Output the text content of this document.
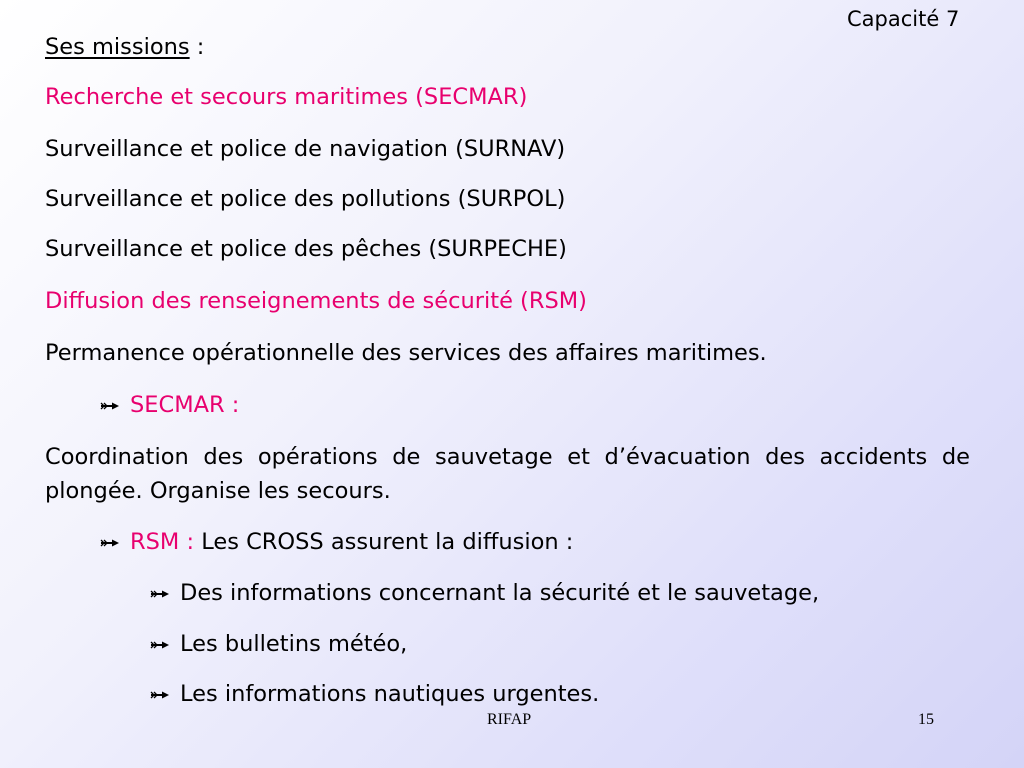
Capacité 7
Ses missions :
Recherche et secours maritimes (SECMAR)
Surveillance et police de navigation (SURNAV)
Surveillance et police des pollutions (SURPOL)
Surveillance et police des pêches (SURPECHE)
Diffusion des renseignements de sécurité (RSM)
Permanence opérationnelle des services des affaires maritimes.
SECMAR :
Coordination des opérations de sauvetage et d’évacuation des accidents de plongée. Organise les secours.
RSM : Les CROSS assurent la diffusion :
Des informations concernant la sécurité et le sauvetage,
Les bulletins météo,
Les informations nautiques urgentes.
RIFAP	15
